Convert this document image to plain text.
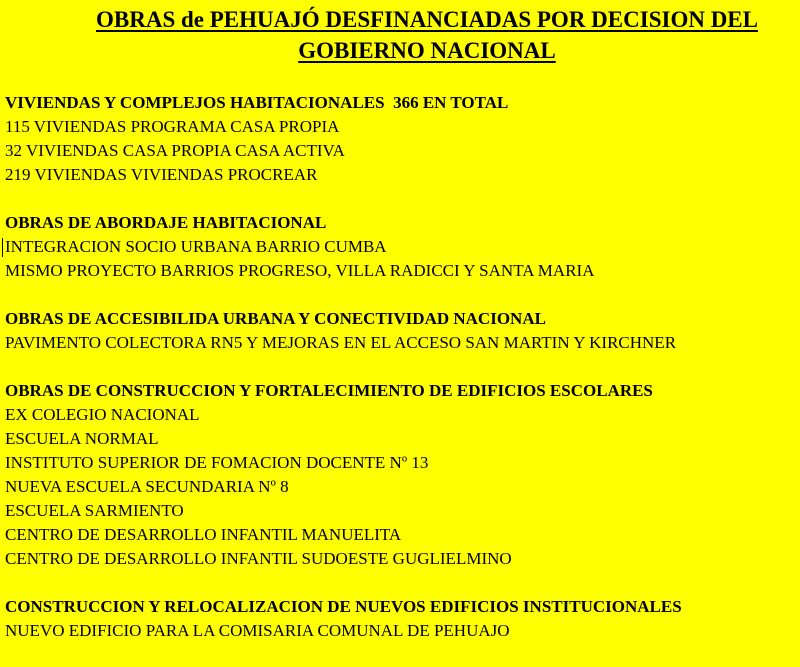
OBRAS de PEHUAJÓ DESFINANCIADAS POR DECISION DEL
GOBIERNO NACIONAL
VIVIENDAS Y COMPLEJOS HABITACIONALES  366 EN TOTAL
115 VIVIENDAS PROGRAMA CASA PROPIA
32 VIVIENDAS CASA PROPIA CASA ACTIVA
219 VIVIENDAS VIVIENDAS PROCREAR
OBRAS DE ABORDAJE HABITACIONAL
INTEGRACION SOCIO URBANA BARRIO CUMBA
MISMO PROYECTO BARRIOS PROGRESO, VILLA RADICCI Y SANTA MARIA
OBRAS DE ACCESIBILIDA URBANA Y CONECTIVIDAD NACIONAL
PAVIMENTO COLECTORA RN5 Y MEJORAS EN EL ACCESO SAN MARTIN Y KIRCHNER
OBRAS DE CONSTRUCCION Y FORTALECIMIENTO DE EDIFICIOS ESCOLARES
EX COLEGIO NACIONAL
ESCUELA NORMAL
INSTITUTO SUPERIOR DE FOMACION DOCENTE Nº 13
NUEVA ESCUELA SECUNDARIA Nº 8
ESCUELA SARMIENTO
CENTRO DE DESARROLLO INFANTIL MANUELITA
CENTRO DE DESARROLLO INFANTIL SUDOESTE GUGLIELMINO
CONSTRUCCION Y RELOCALIZACION DE NUEVOS EDIFICIOS INSTITUCIONALES
NUEVO EDIFICIO PARA LA COMISARIA COMUNAL DE PEHUAJO
